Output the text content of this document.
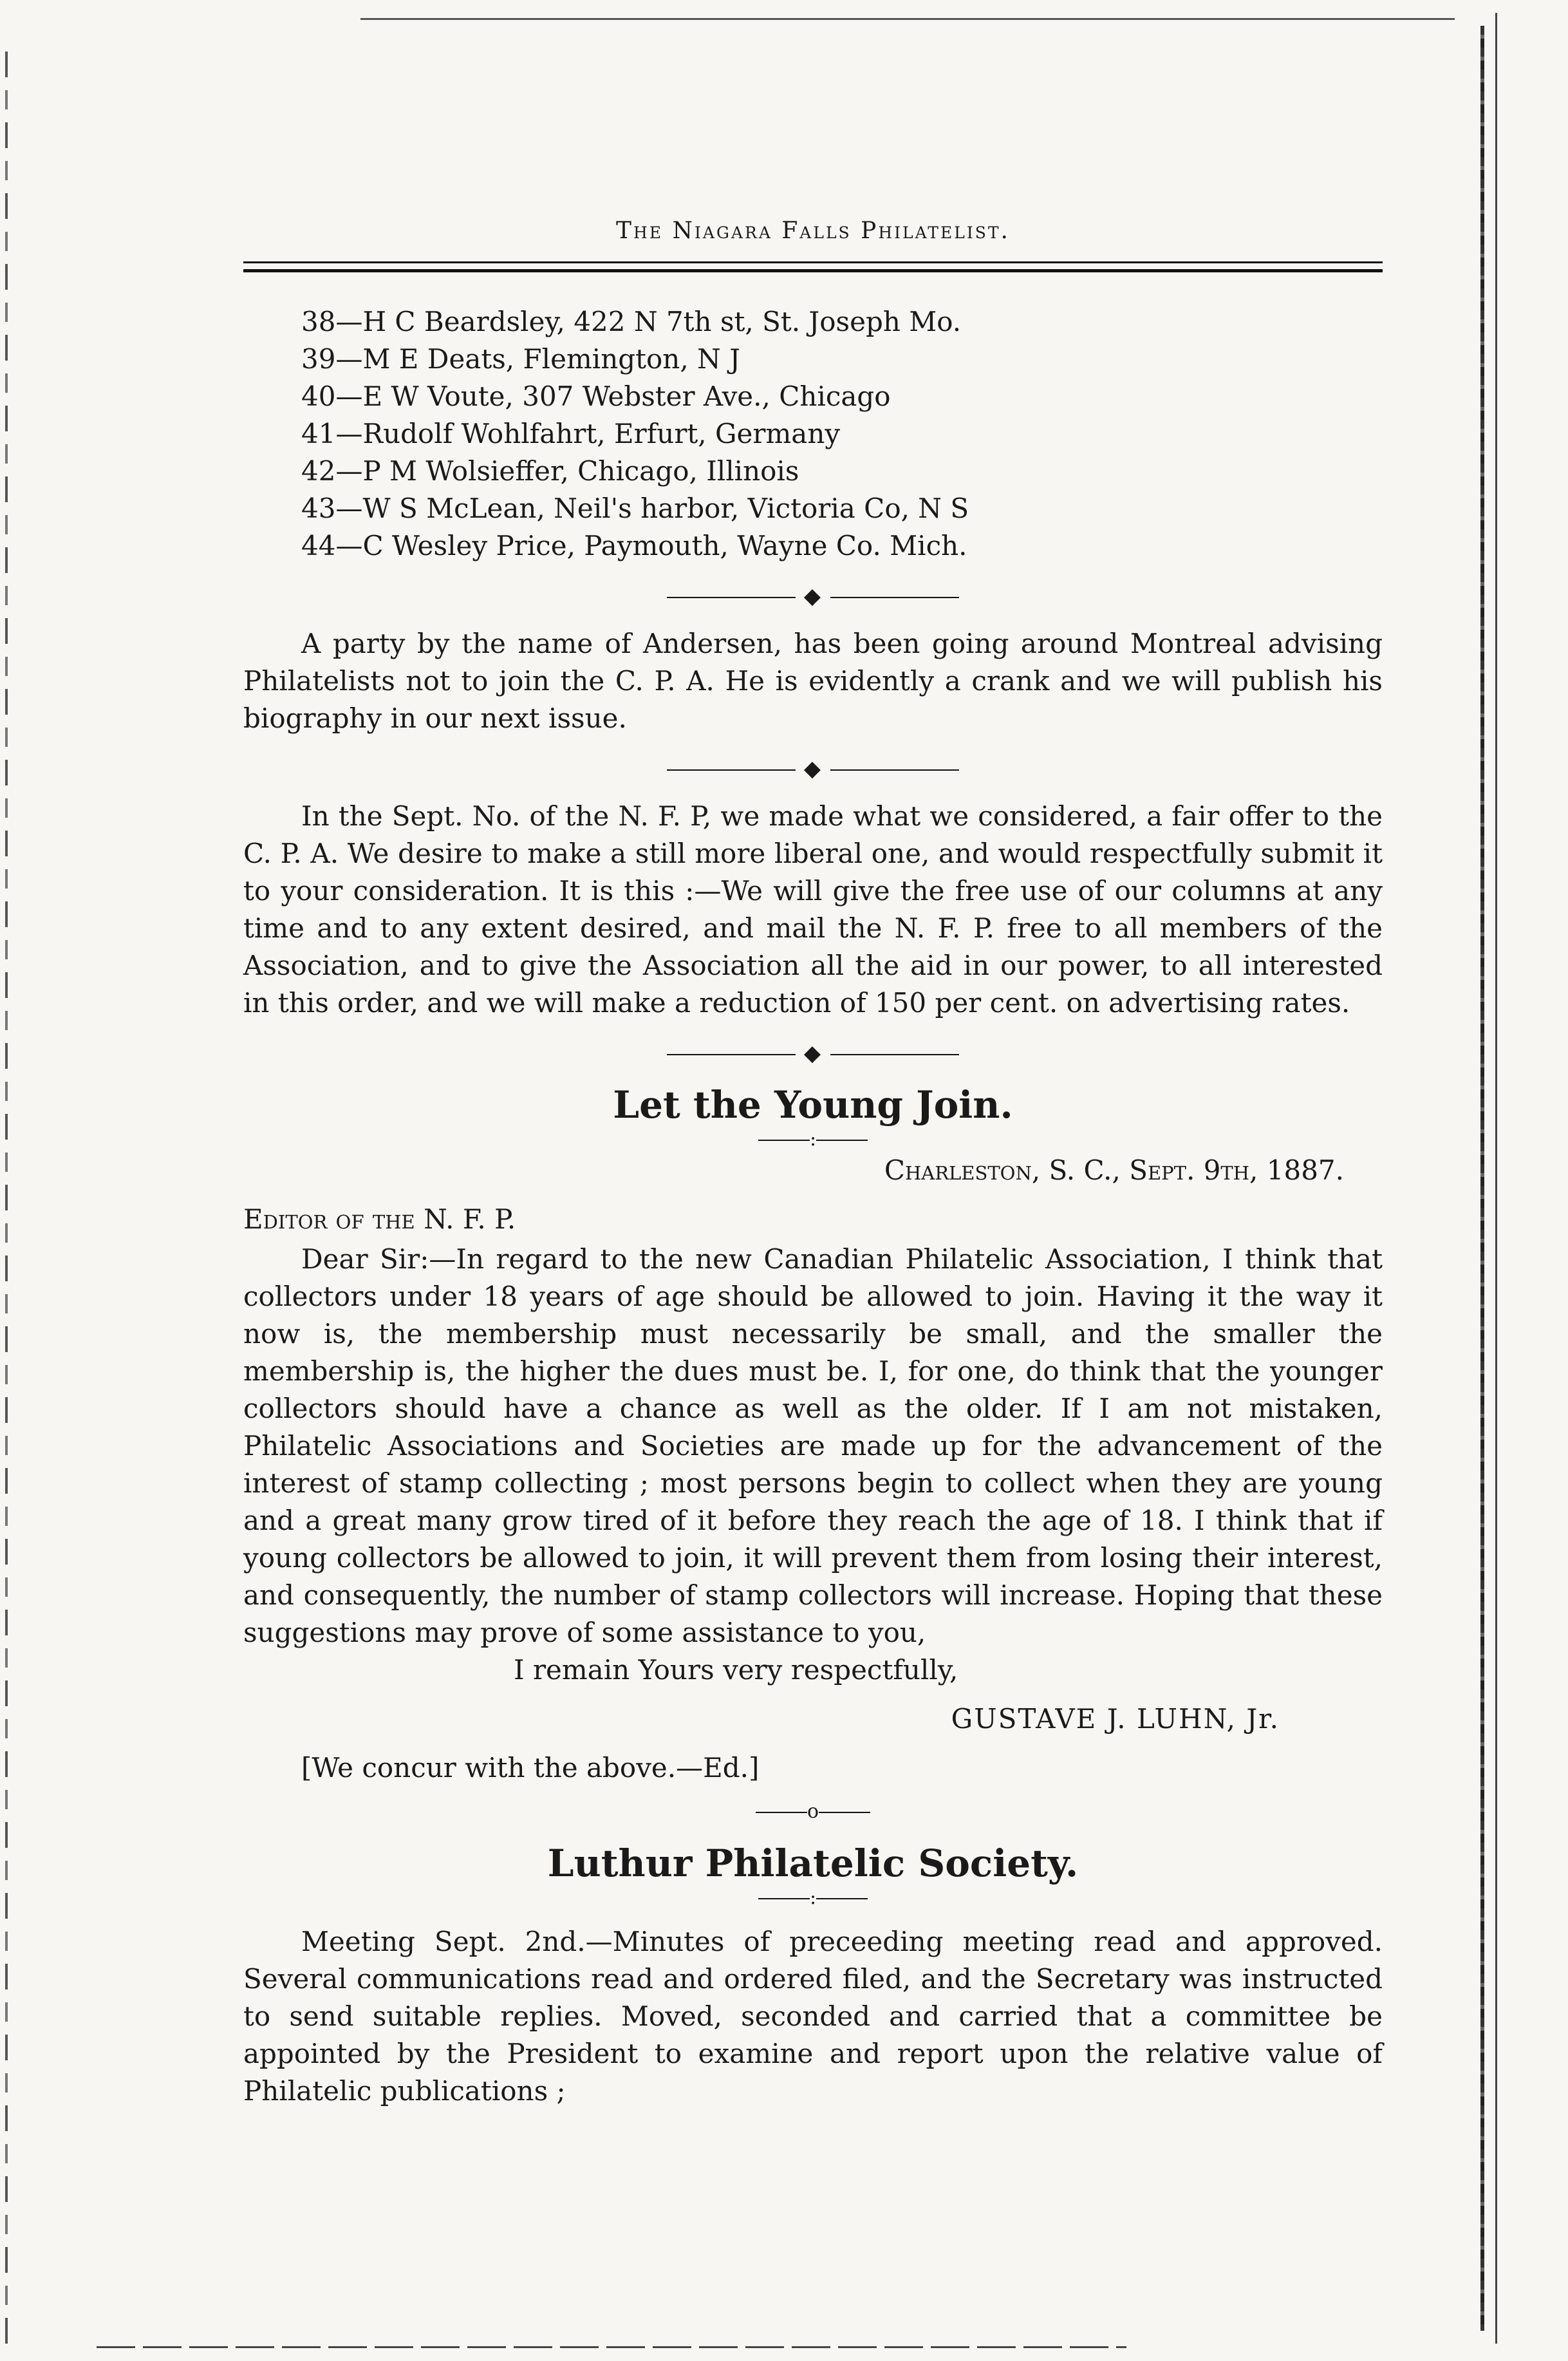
The Niagara Falls Philatelist.
38—H C Beardsley, 422 N 7th st, St. Joseph Mo.
39—M E Deats, Flemington, N J
40—E W Voute, 307 Webster Ave., Chicago
41—Rudolf Wohlfahrt, Erfurt, Germany
42—P M Wolsieffer, Chicago, Illinois
43—W S McLean, Neil's harbor, Victoria Co, N S
44—C Wesley Price, Paymouth, Wayne Co. Mich.
◆

A party by the name of Andersen, has been going around Montreal advising Philatelists not to join the C. P. A. He is evidently a crank and we will publish his biography in our next issue.

◆

In the Sept. No. of the N. F. P, we made what we considered, a fair offer to the C. P. A. We desire to make a still more liberal one, and would respectfully submit it to your consideration. It is this :—We will give the free use of our columns at any time and to any extent desired, and mail the N. F. P. free to all members of the Association, and to give the Association all the aid in our power, to all interested in this order, and we will make a reduction of 150 per cent. on advertising rates.

◆
Let the Young Join.
:
Charleston, S. C., Sept. 9th, 1887.
Editor of the N. F. P.

Dear Sir:—In regard to the new Canadian Philatelic Association, I think that collectors under 18 years of age should be allowed to join. Having it the way it now is, the membership must necessarily be small, and the smaller the membership is, the higher the dues must be. I, for one, do think that the younger collectors should have a chance as well as the older. If I am not mistaken, Philatelic Associations and Societies are made up for the advancement of the interest of stamp collecting ; most persons begin to collect when they are young and a great many grow tired of it before they reach the age of 18. I think that if young collectors be allowed to join, it will prevent them from losing their interest, and consequently, the number of stamp collectors will increase. Hoping that these suggestions may prove of some assistance to you,

I remain Yours very respectfully,

GUSTAVE J. LUHN, Jr.
[We concur with the above.—Ed.]
o
Luthur Philatelic Society.
:

Meeting Sept. 2nd.—Minutes of preceeding meeting read and approved. Several communications read and ordered filed, and the Secretary was instructed to send suitable replies. Moved, seconded and carried that a committee be appointed by the President to examine and report upon the relative value of Philatelic publications ;
